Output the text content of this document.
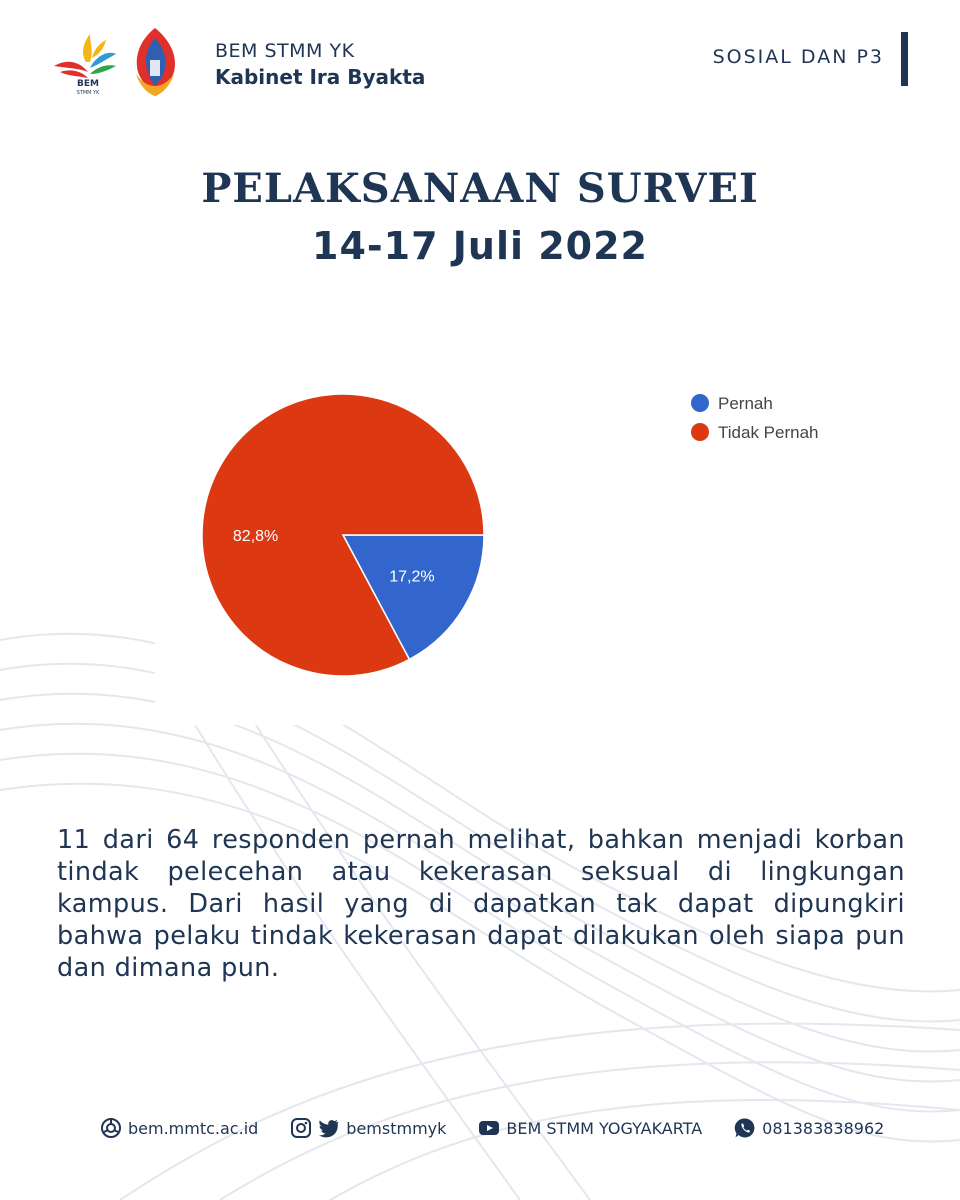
BEM
STMM YK
BEM STMM YK
Kabinet Ira Byakta
SOSIAL DAN P3
PELAKSANAAN SURVEI
14-17 Juli 2022
17,2%
82,8%
Pernah
Tidak Pernah
11 dari 64 responden pernah melihat, bahkan menjadi korban tindak pelecehan atau kekerasan seksual di lingkungan kampus. Dari hasil yang di dapatkan tak dapat dipungkiri bahwa pelaku tindak kekerasan dapat dilakukan oleh siapa pun dan dimana pun.
bem.mmtc.ac.id	bemstmmyk	BEM STMM YOGYAKARTA	081383838962
